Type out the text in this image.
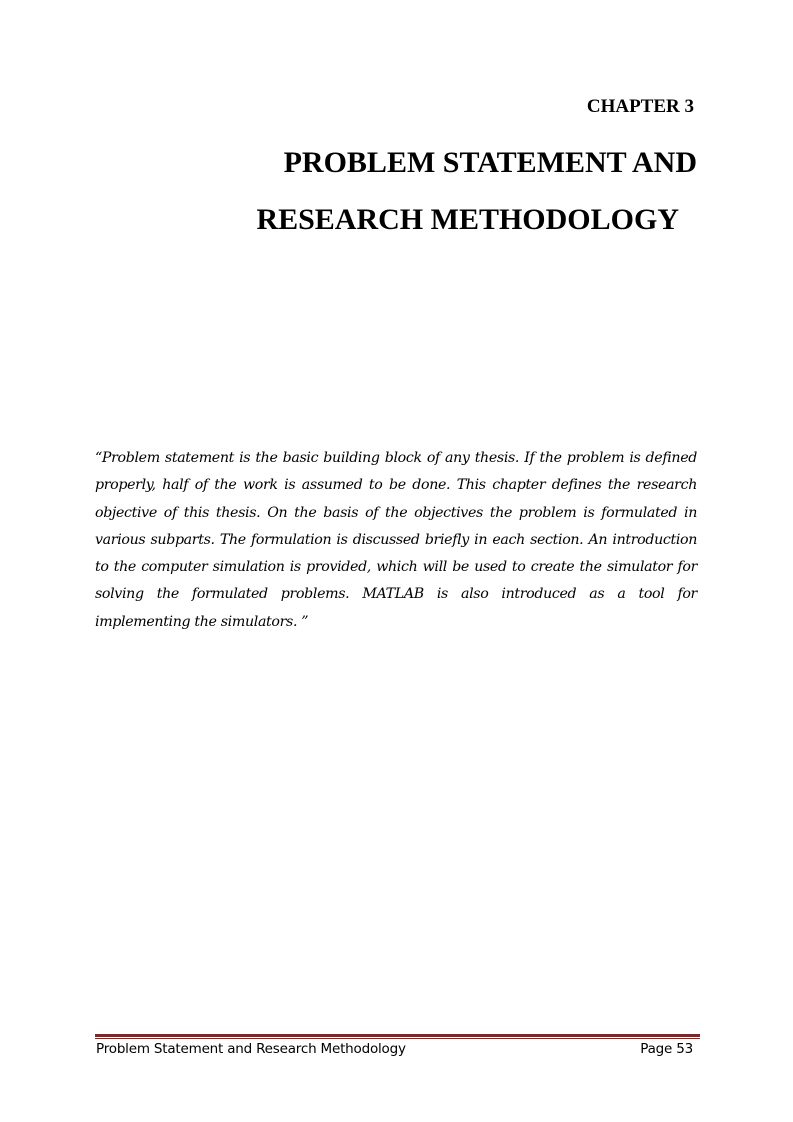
CHAPTER 3
PROBLEM STATEMENT AND
RESEARCH METHODOLOGY

“Problem statement is the basic building block of any thesis. If the problem is defined properly, half of the work is assumed to be done. This chapter defines the research objective of this thesis. On the basis of the objectives the problem is formulated in various subparts. The formulation is discussed briefly in each section. An introduction to the computer simulation is provided, which will be used to create the simulator for solving the formulated problems. MATLAB is also introduced as a tool for implementing the simulators. ”

Problem Statement and Research Methodology	Page 53
